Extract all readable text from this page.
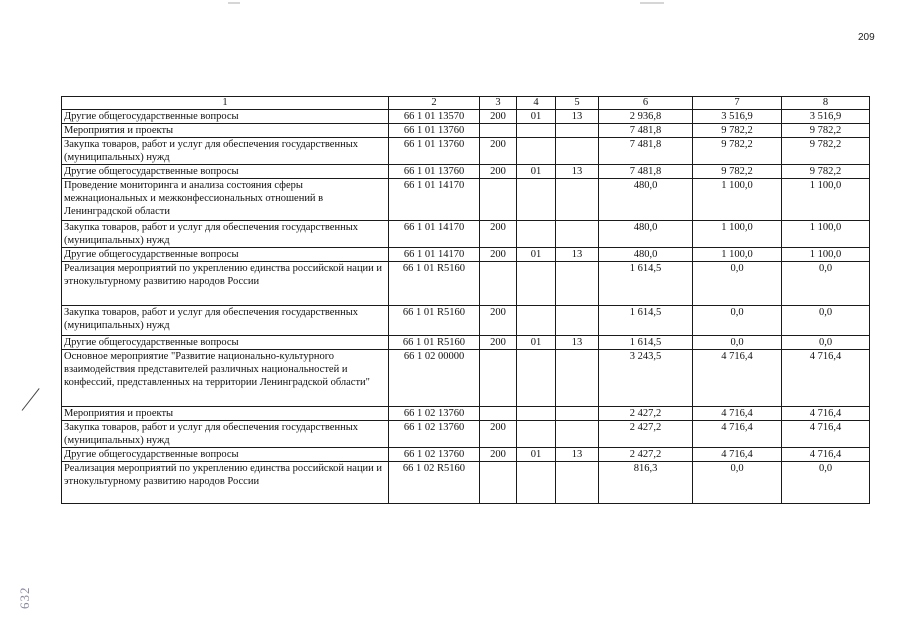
209
1	2	3	4	5	6	7	8
Другие общегосударственные вопросы	66 1 01 13570	200	01	13	2 936,8	3 516,9	3 516,9
Мероприятия и проекты	66 1 01 13760				7 481,8	9 782,2	9 782,2
Закупка товаров, работ и услуг для обеспечения государственных (муниципальных) нужд	66 1 01 13760	200			7 481,8	9 782,2	9 782,2
Другие общегосударственные вопросы	66 1 01 13760	200	01	13	7 481,8	9 782,2	9 782,2
Проведение мониторинга и анализа состояния сферы межнациональных и межконфессиональных отношений в Ленинградской области	66 1 01 14170				480,0	1 100,0	1 100,0
Закупка товаров, работ и услуг для обеспечения государственных (муниципальных) нужд	66 1 01 14170	200			480,0	1 100,0	1 100,0
Другие общегосударственные вопросы	66 1 01 14170	200	01	13	480,0	1 100,0	1 100,0
Реализация мероприятий по укреплению единства российской нации и этнокультурному развитию народов России	66 1 01 R5160				1 614,5	0,0	0,0
Закупка товаров, работ и услуг для обеспечения государственных (муниципальных) нужд	66 1 01 R5160	200			1 614,5	0,0	0,0
Другие общегосударственные вопросы	66 1 01 R5160	200	01	13	1 614,5	0,0	0,0
Основное мероприятие "Развитие национально-культурного взаимодействия представителей различных национальностей и конфессий, представленных на территории Ленинградской области"	66 1 02 00000				3 243,5	4 716,4	4 716,4
Мероприятия и проекты	66 1 02 13760				2 427,2	4 716,4	4 716,4
Закупка товаров, работ и услуг для обеспечения государственных (муниципальных) нужд	66 1 02 13760	200			2 427,2	4 716,4	4 716,4
Другие общегосударственные вопросы	66 1 02 13760	200	01	13	2 427,2	4 716,4	4 716,4
Реализация мероприятий по укреплению единства российской нации и этнокультурному развитию народов России	66 1 02 R5160				816,3	0,0	0,0
632
